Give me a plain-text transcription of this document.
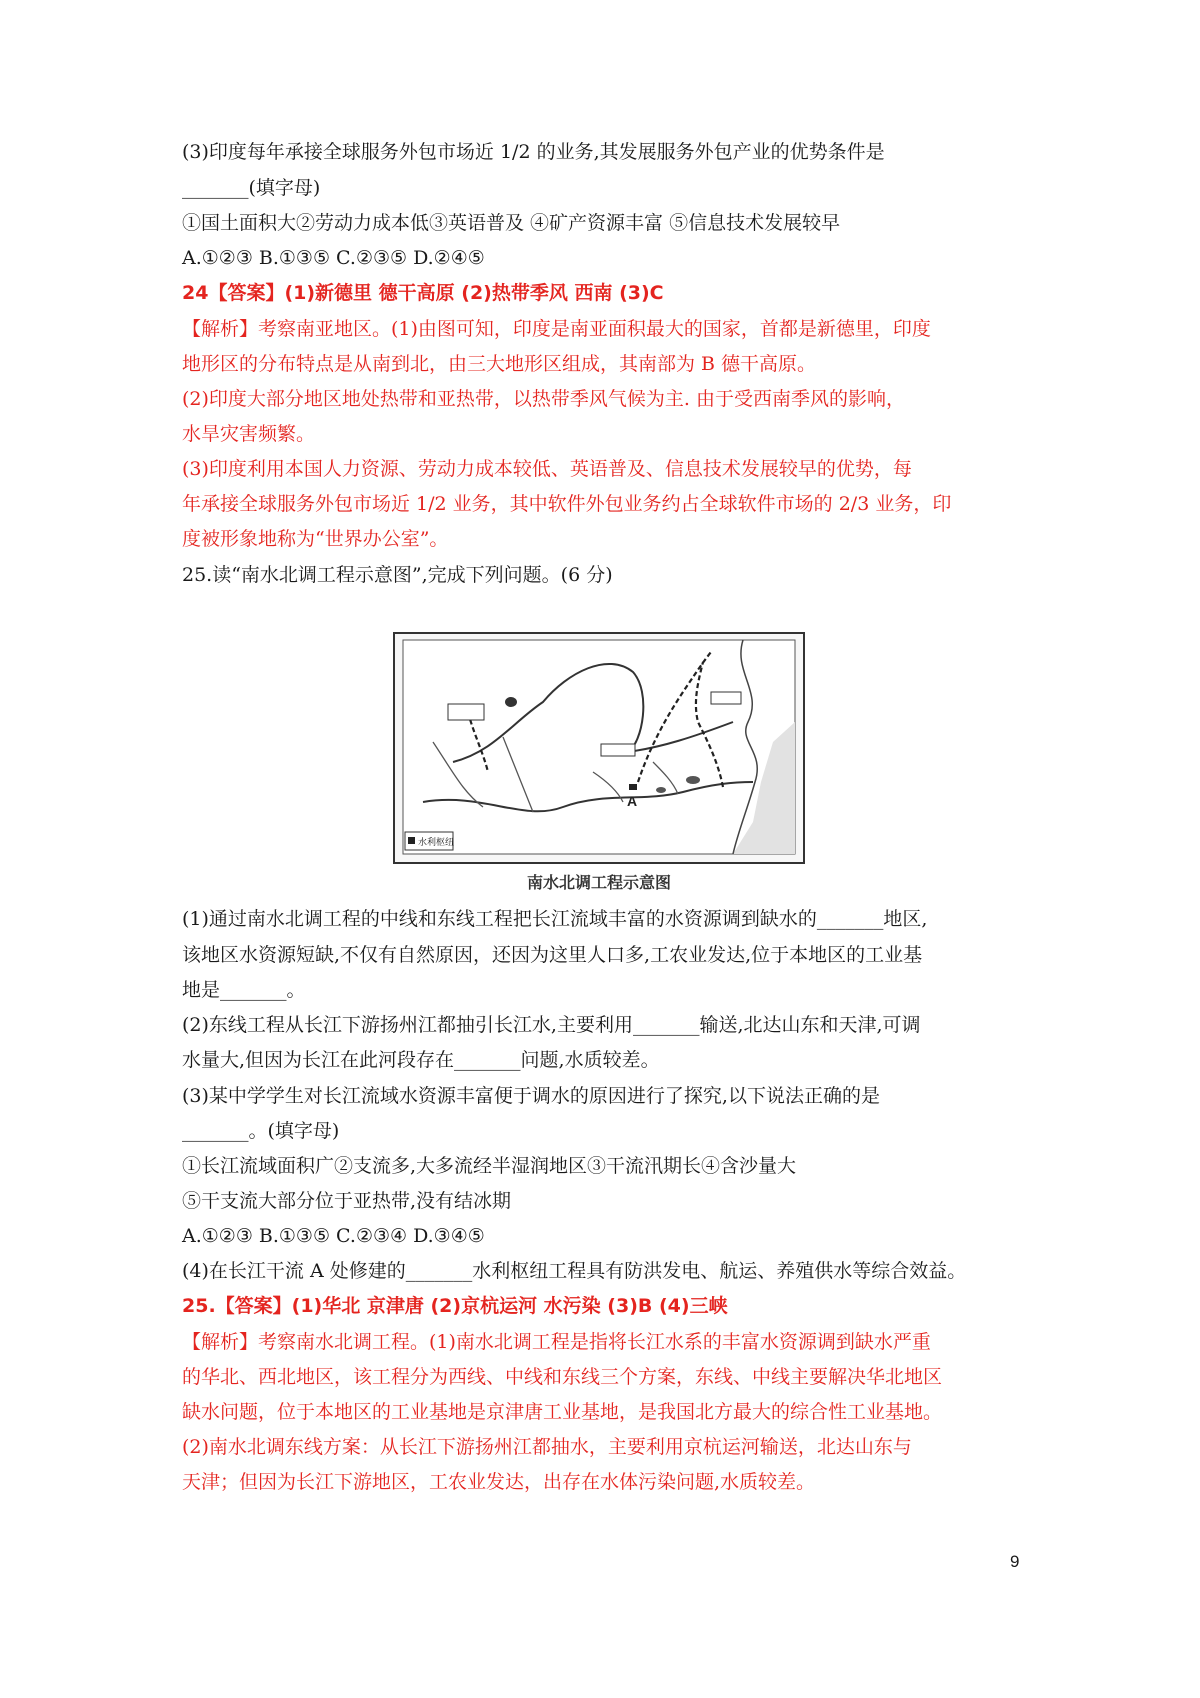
(3)印度每年承接全球服务外包市场近 1/2 的业务,其发展服务外包产业的优势条件是
_______(填字母)
①国土面积大②劳动力成本低③英语普及 ④矿产资源丰富 ⑤信息技术发展较早
A.①②③ B.①③⑤ C.②③⑤ D.②④⑤
24【答案】(1)新德里 德干高原 (2)热带季风 西南 (3)C
【解析】考察南亚地区。(1)由图可知，印度是南亚面积最大的国家，首都是新德里，印度
地形区的分布特点是从南到北，由三大地形区组成，其南部为 B 德干高原。
(2)印度大部分地区地处热带和亚热带，以热带季风气候为主. 由于受西南季风的影响，
水旱灾害频繁。
(3)印度利用本国人力资源、劳动力成本较低、英语普及、信息技术发展较早的优势，每
年承接全球服务外包市场近 1/2 业务，其中软件外包业务约占全球软件市场的 2/3 业务，印
度被形象地称为“世界办公室”。
25.读“南水北调工程示意图”,完成下列问题。(6 分)
A
水利枢纽
南水北调工程示意图
(1)通过南水北调工程的中线和东线工程把长江流域丰富的水资源调到缺水的_______地区,
该地区水资源短缺,不仅有自然原因，还因为这里人口多,工农业发达,位于本地区的工业基
地是_______。
(2)东线工程从长江下游扬州江都抽引长江水,主要利用_______输送,北达山东和天津,可调
水量大,但因为长江在此河段存在_______问题,水质较差。
(3)某中学学生对长江流域水资源丰富便于调水的原因进行了探究,以下说法正确的是
_______。(填字母)
①长江流域面积广②支流多,大多流经半湿润地区③干流汛期长④含沙量大
⑤干支流大部分位于亚热带,没有结冰期
A.①②③ B.①③⑤ C.②③④ D.③④⑤
(4)在长江干流 A 处修建的_______水利枢纽工程具有防洪发电、航运、养殖供水等综合效益。
25.【答案】(1)华北 京津唐 (2)京杭运河 水污染 (3)B (4)三峡
【解析】考察南水北调工程。(1)南水北调工程是指将长江水系的丰富水资源调到缺水严重
的华北、西北地区，该工程分为西线、中线和东线三个方案，东线、中线主要解决华北地区
缺水问题，位于本地区的工业基地是京津唐工业基地，是我国北方最大的综合性工业基地。
(2)南水北调东线方案：从长江下游扬州江都抽水，主要利用京杭运河输送，北达山东与
天津；但因为长江下游地区，工农业发达，出存在水体污染问题,水质较差。
9
